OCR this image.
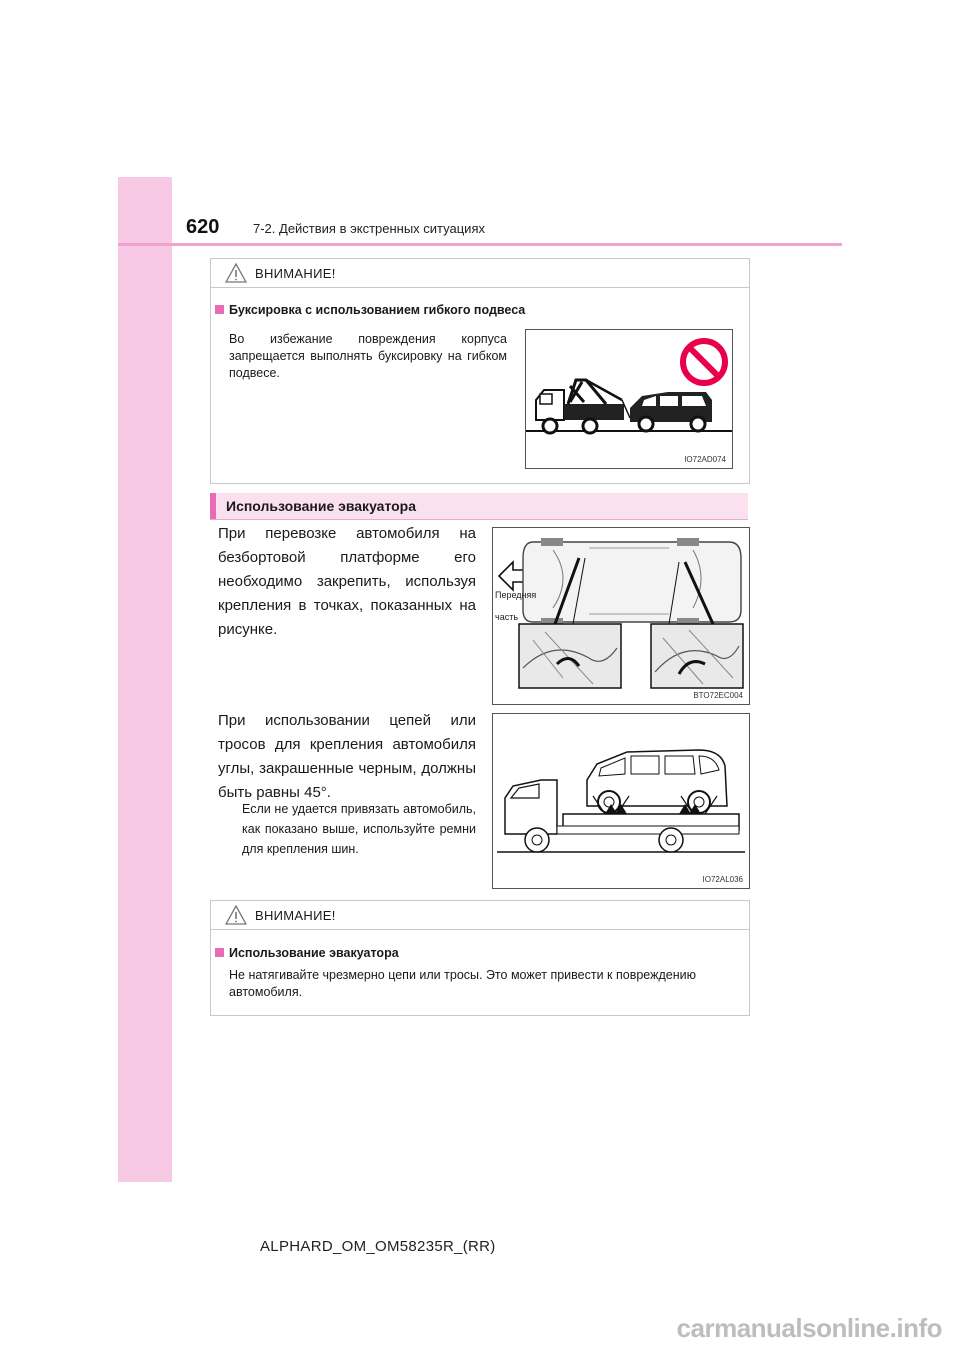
620	7-2. Действия в экстренных ситуациях
ВНИМАНИЕ!
Буксировка с использованием гибкого подвеса
Во избежание повреждения корпуса запрещается выполнять буксировку на гибком подвесе.
IO72AD074
Использование эвакуатора
При перевозке автомобиля на безбортовой платформе его необходимо закрепить, используя крепления в точках, показанных на рисунке.
Передняя
часть
BTO72EC004
При использовании цепей или тросов для крепления автомобиля углы, закрашенные черным, должны быть равны 45°.
Если не удается привязать автомобиль, как показано выше, используйте ремни для крепления шин.
IO72AL036
ВНИМАНИЕ!
Использование эвакуатора
Не натягивайте чрезмерно цепи или тросы. Это может привести к повреждению автомобиля.
ALPHARD_OM_OM58235R_(RR)
carmanualsonline.info
